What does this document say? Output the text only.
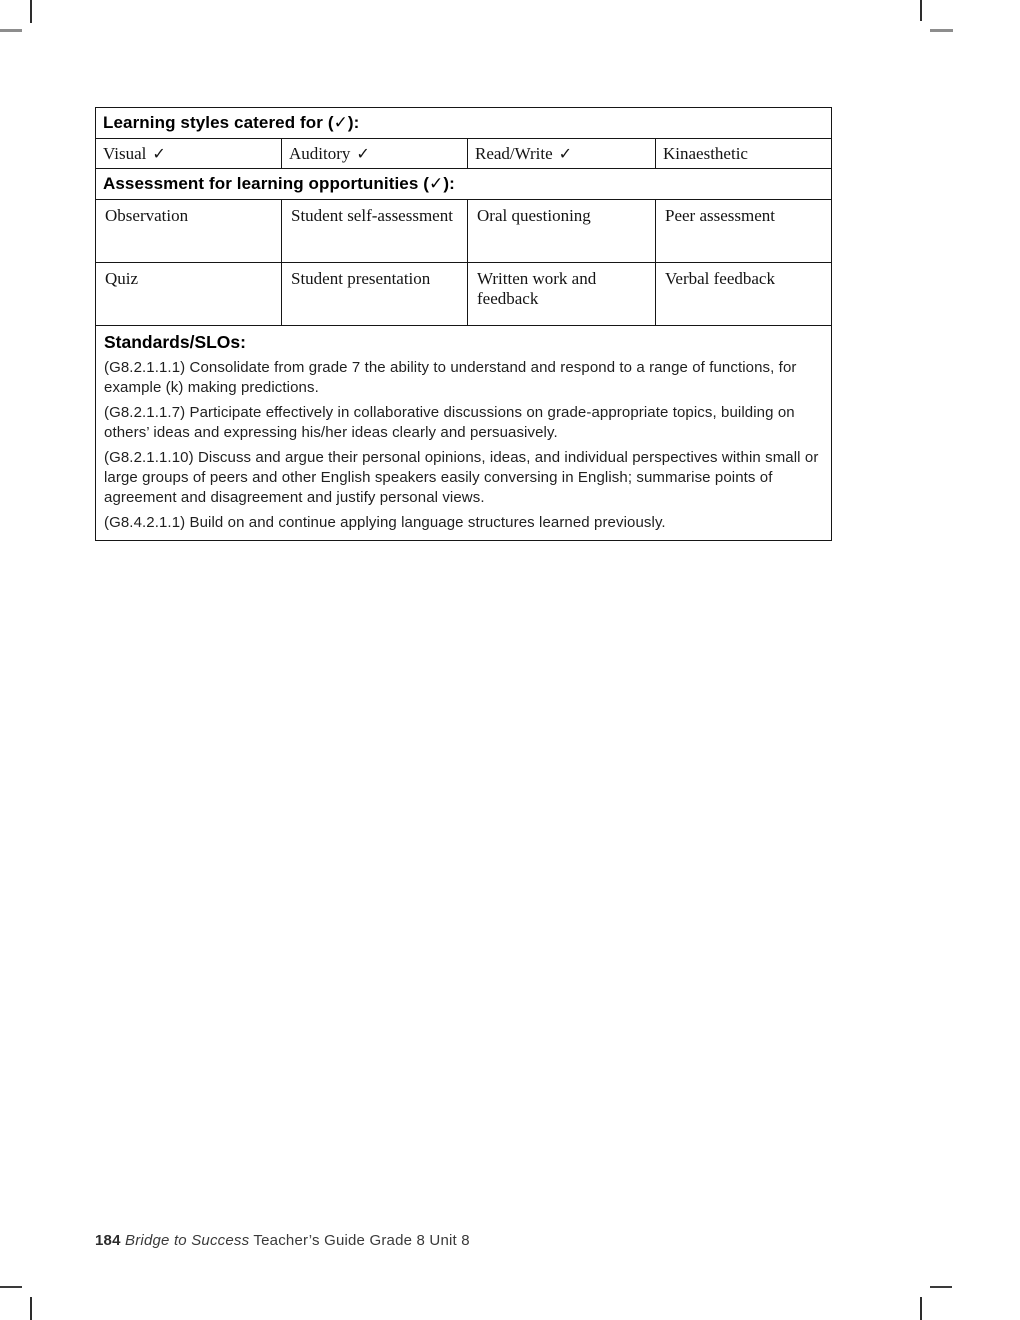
Learning styles catered for (✓):			
Visual ✓	Auditory ✓	Read/Write ✓	Kinaesthetic
Assessment for learning opportunities (✓):			
Observation	Student self-assessment	Oral questioning	Peer assessment
Quiz	Student presentation	Written work and feedback	Verbal feedback

Standards/SLOs:

(G8.2.1.1.1) Consolidate from grade 7 the ability to understand and respond to a range of functions, for example (k) making predictions.

(G8.2.1.1.7) Participate effectively in collaborative discussions on grade-appropriate topics, building on others’ ideas and expressing his/her ideas clearly and persuasively.

(G8.2.1.1.10) Discuss and argue their personal opinions, ideas, and individual perspectives within small or large groups of peers and other English speakers easily conversing in English; summarise points of agreement and disagreement and justify personal views.

(G8.4.2.1.1) Build on and continue applying language structures learned previously.			

184 Bridge to Success Teacher’s Guide Grade 8 Unit 8
